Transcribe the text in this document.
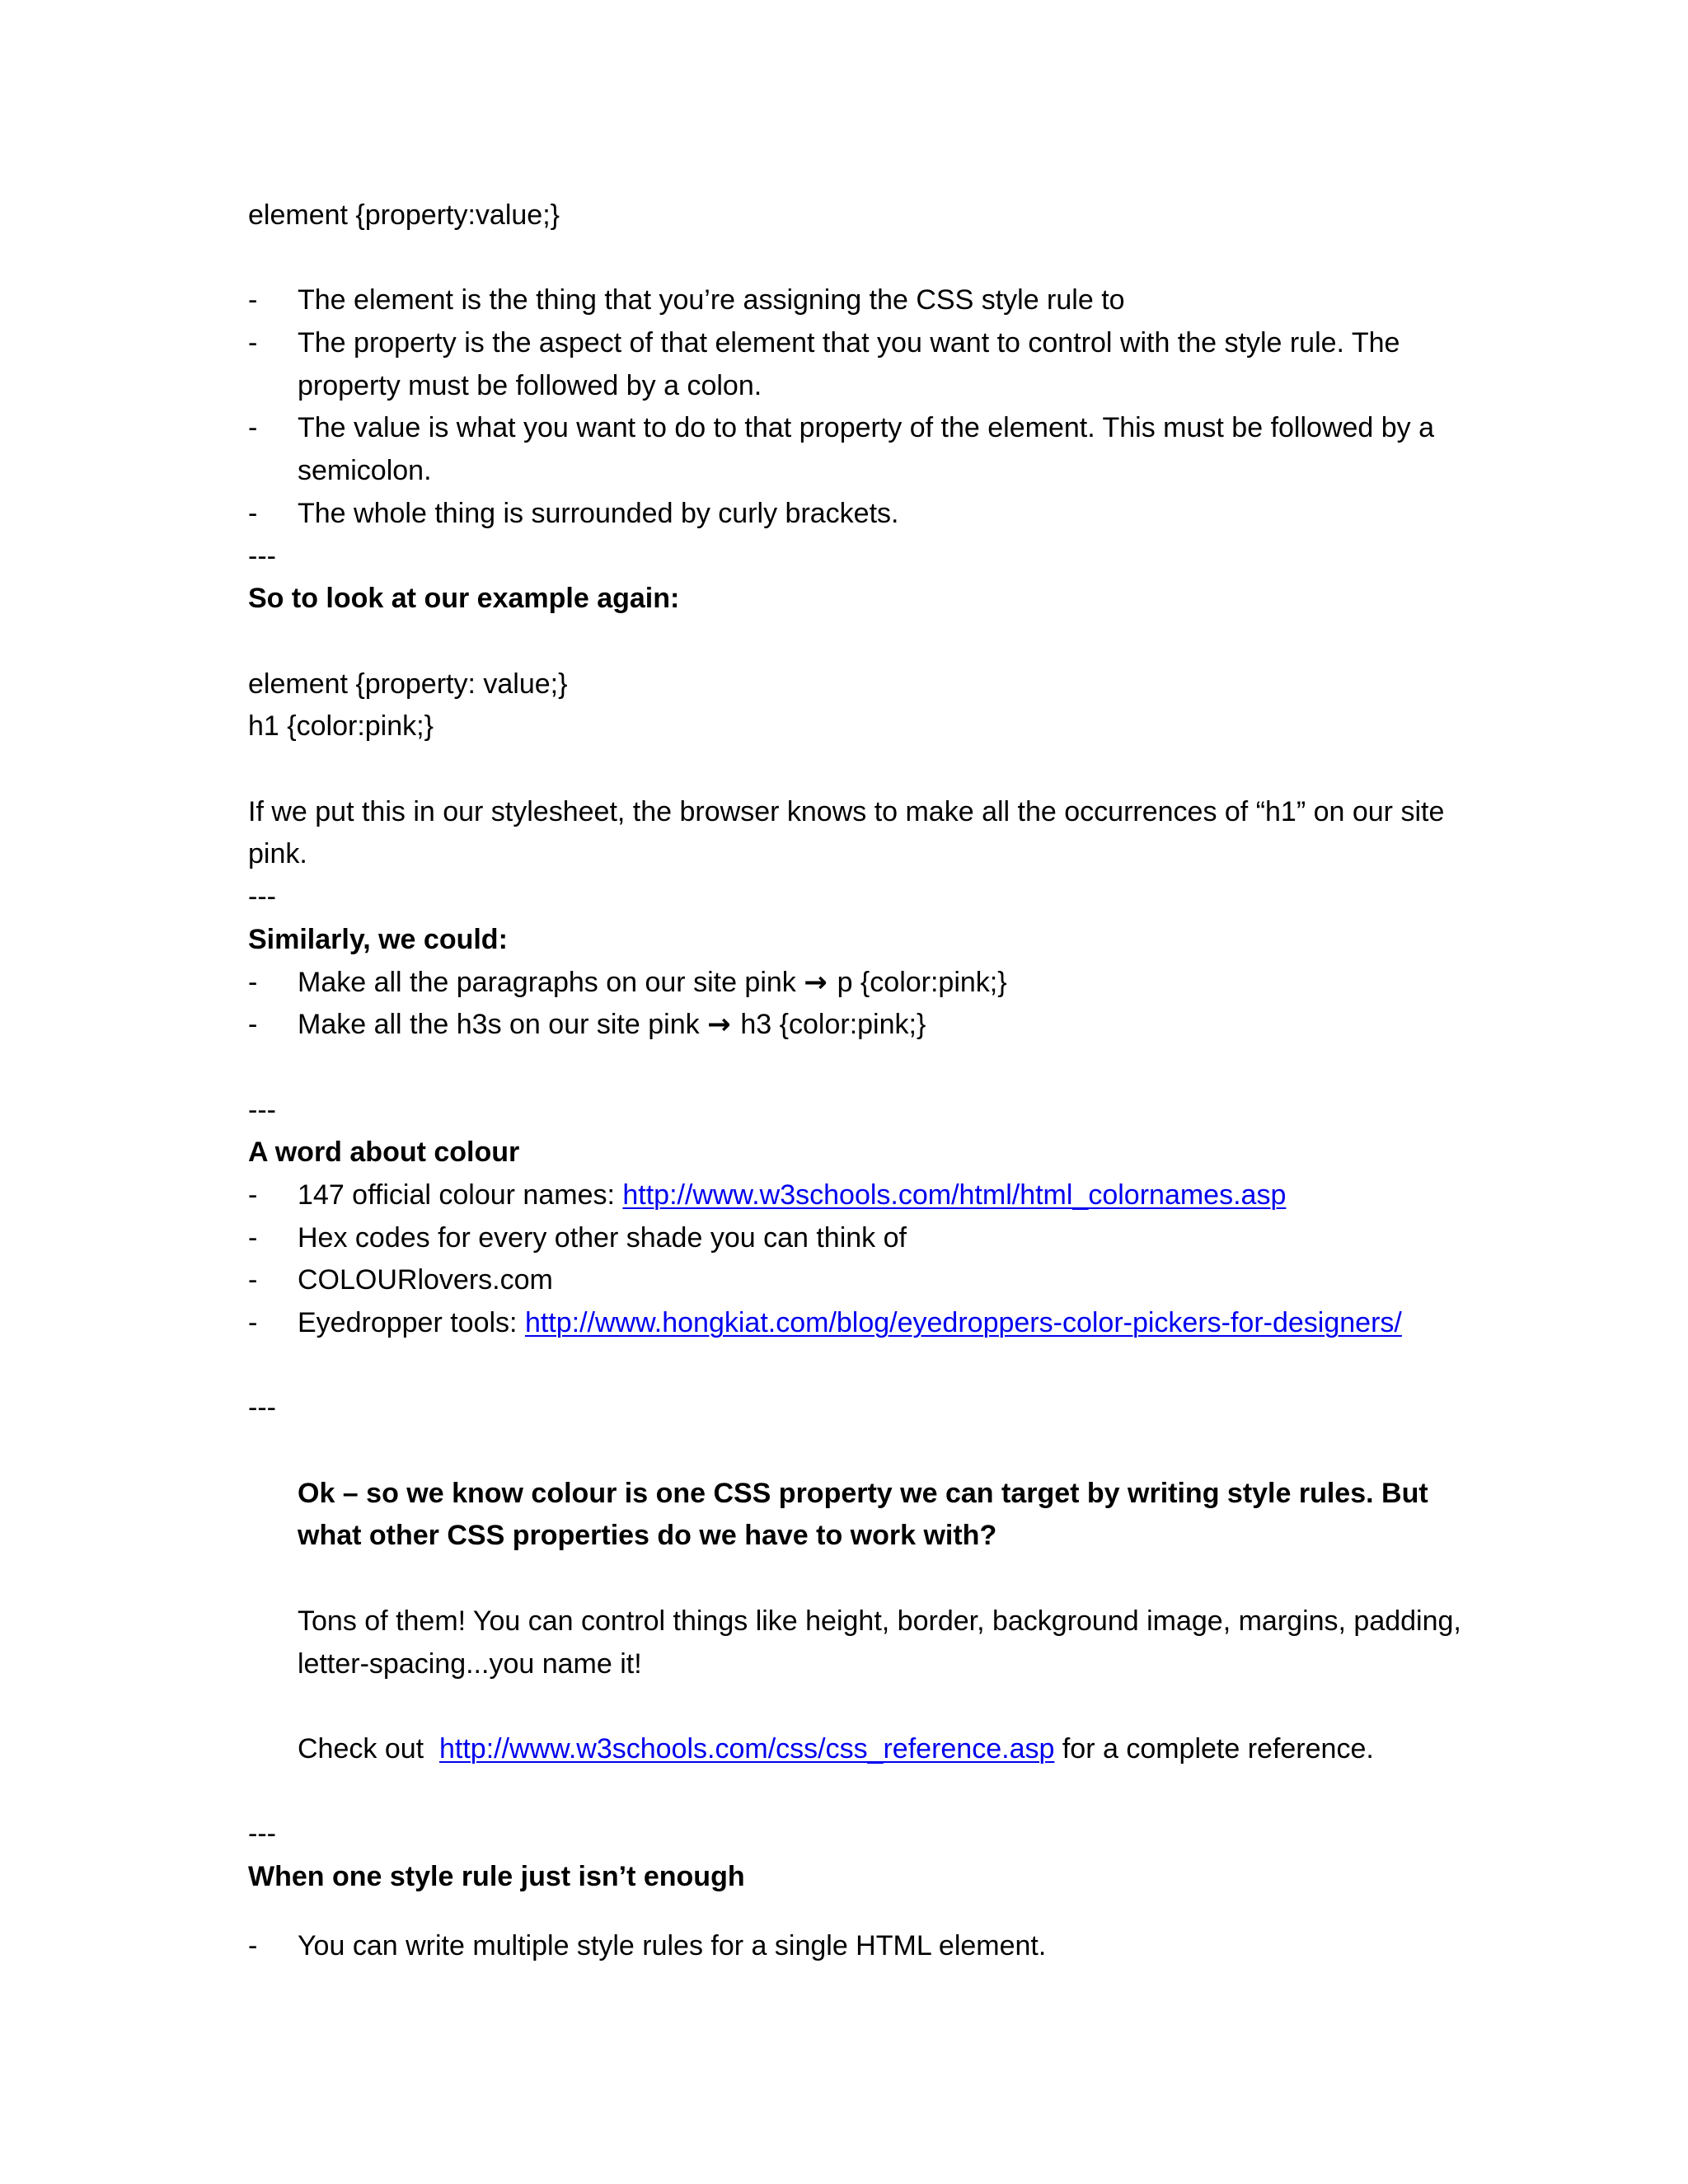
element {property:value;}
- The element is the thing that you’re assigning the CSS style rule to
- The property is the aspect of that element that you want to control with the style rule. The property must be followed by a colon.
- The value is what you want to do to that property of the element. This must be followed by a semicolon.
- The whole thing is surrounded by curly brackets.
---
So to look at our example again:
element {property: value;}
h1 {color:pink;}
If we put this in our stylesheet, the browser knows to make all the occurrences of “h1” on our site pink.
---
Similarly, we could:
- Make all the paragraphs on our site pink → p {color:pink;}
- Make all the h3s on our site pink → h3 {color:pink;}
---
A word about colour
- 147 official colour names: http://www.w3schools.com/html/html_colornames.asp
- Hex codes for every other shade you can think of
- COLOURlovers.com
- Eyedropper tools: http://www.hongkiat.com/blog/eyedroppers-color-pickers-for-designers/
---
Ok – so we know colour is one CSS property we can target by writing style rules. But what other CSS properties do we have to work with?
Tons of them! You can control things like height, border, background image, margins, padding, letter-spacing...you name it!
Check out  http://www.w3schools.com/css/css_reference.asp for a complete reference.
---
When one style rule just isn’t enough
- You can write multiple style rules for a single HTML element.
